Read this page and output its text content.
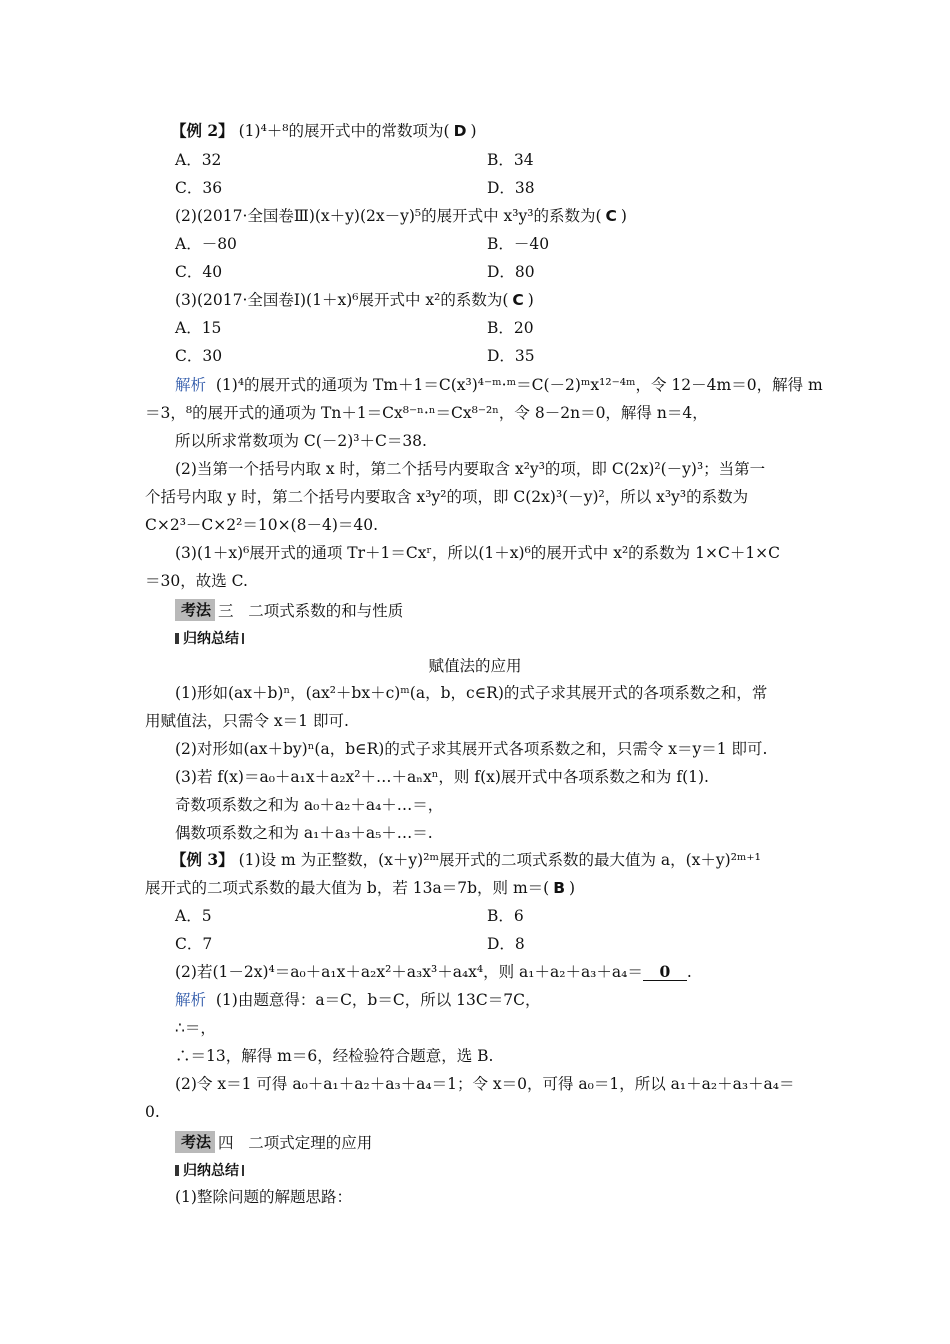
【例 2】 (1)⁴＋⁸的展开式中的常数项为( D )
A．32	B．34
C．36	D．38
(2)(2017·全国卷Ⅲ)(x＋y)(2x－y)⁵的展开式中 x³y³的系数为( C )
A．－80	B．－40
C．40	D．80
(3)(2017·全国卷Ⅰ)(1＋x)⁶展开式中 x²的系数为( C )
A．15	B．20
C．30	D．35
解析 (1)⁴的展开式的通项为 Tm＋1＝C(x³)⁴⁻ᵐ·ᵐ＝C(－2)ᵐx¹²⁻⁴ᵐ，令 12－4m＝0，解得 m
＝3，⁸的展开式的通项为 Tn＋1＝Cx⁸⁻ⁿ·ⁿ＝Cx⁸⁻²ⁿ，令 8－2n＝0，解得 n＝4，
所以所求常数项为 C(－2)³＋C＝38.
(2)当第一个括号内取 x 时，第二个括号内要取含 x²y³的项，即 C(2x)²(－y)³；当第一
个括号内取 y 时，第二个括号内要取含 x³y²的项，即 C(2x)³(－y)²，所以 x³y³的系数为
C×2³－C×2²＝10×(8－4)＝40.
(3)(1＋x)⁶展开式的通项 Tr＋1＝Cxʳ，所以(1＋x)⁶的展开式中 x²的系数为 1×C＋1×C
＝30，故选 C.
考法 三 二项式系数的和与性质
归纳总结
赋值法的应用
(1)形如(ax＋b)ⁿ，(ax²＋bx＋c)ᵐ(a，b，c∈R)的式子求其展开式的各项系数之和，常
用赋值法，只需令 x＝1 即可.
(2)对形如(ax＋by)ⁿ(a，b∈R)的式子求其展开式各项系数之和，只需令 x＝y＝1 即可.
(3)若 f(x)＝a₀＋a₁x＋a₂x²＋…＋aₙxⁿ，则 f(x)展开式中各项系数之和为 f(1).
奇数项系数之和为 a₀＋a₂＋a₄＋…＝，
偶数项系数之和为 a₁＋a₃＋a₅＋…＝.
【例 3】 (1)设 m 为正整数，(x＋y)²ᵐ展开式的二项式系数的最大值为 a，(x＋y)²ᵐ⁺¹
展开式的二项式系数的最大值为 b，若 13a＝7b，则 m＝( B )
A．5	B．6
C．7	D．8
(2)若(1－2x)⁴＝a₀＋a₁x＋a₂x²＋a₃x³＋a₄x⁴，则 a₁＋a₂＋a₃＋a₄＝ 0 .
解析 (1)由题意得：a＝C，b＝C，所以 13C＝7C，
∴＝，
∴＝13，解得 m＝6，经检验符合题意，选 B.
(2)令 x＝1 可得 a₀＋a₁＋a₂＋a₃＋a₄＝1；令 x＝0，可得 a₀＝1，所以 a₁＋a₂＋a₃＋a₄＝
0.
考法 四 二项式定理的应用
归纳总结
(1)整除问题的解题思路：
